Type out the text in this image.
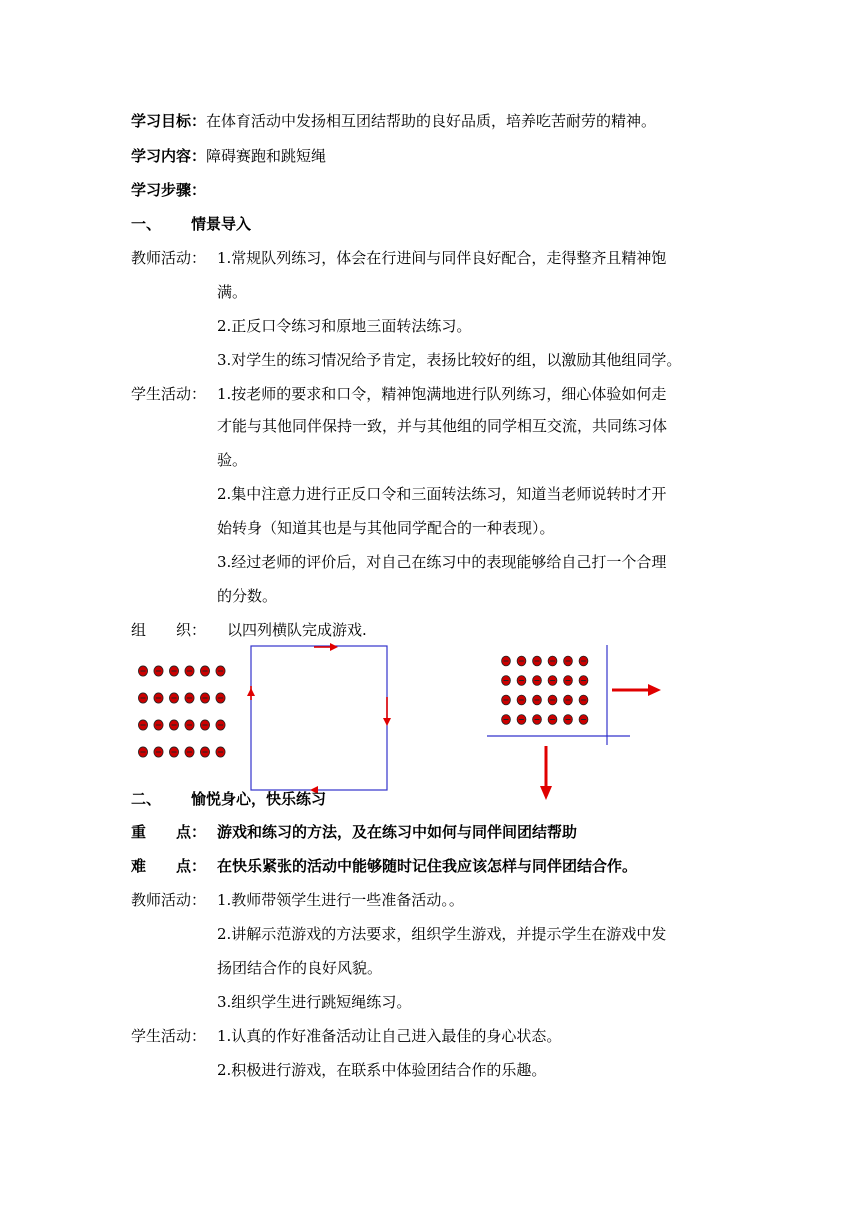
学习目标：在体育活动中发扬相互团结帮助的良好品质，培养吃苦耐劳的精神。
学习内容：障碍赛跑和跳短绳
学习步骤：
一、 情景导入
教师活动： 1.常规队列练习，体会在行进间与同伴良好配合，走得整齐且精神饱
满。
2.正反口令练习和原地三面转法练习。
3.对学生的练习情况给予肯定，表扬比较好的组，以激励其他组同学。
学生活动： 1.按老师的要求和口令，精神饱满地进行队列练习，细心体验如何走
才能与其他同伴保持一致，并与其他组的同学相互交流，共同练习体
验。
2.集中注意力进行正反口令和三面转法练习，知道当老师说转时才开
始转身（知道其也是与其他同学配合的一种表现）。
3.经过老师的评价后，对自己在练习中的表现能够给自己打一个合理
的分数。
组　　织： 以四列横队完成游戏.
二、 愉悦身心，快乐练习
重　　点： 游戏和练习的方法，及在练习中如何与同伴间团结帮助
难　　点： 在快乐紧张的活动中能够随时记住我应该怎样与同伴团结合作。
教师活动： 1.教师带领学生进行一些准备活动。。
2.讲解示范游戏的方法要求，组织学生游戏，并提示学生在游戏中发
扬团结合作的良好风貌。
3.组织学生进行跳短绳练习。
学生活动： 1.认真的作好准备活动让自己进入最佳的身心状态。
2.积极进行游戏，在联系中体验团结合作的乐趣。
